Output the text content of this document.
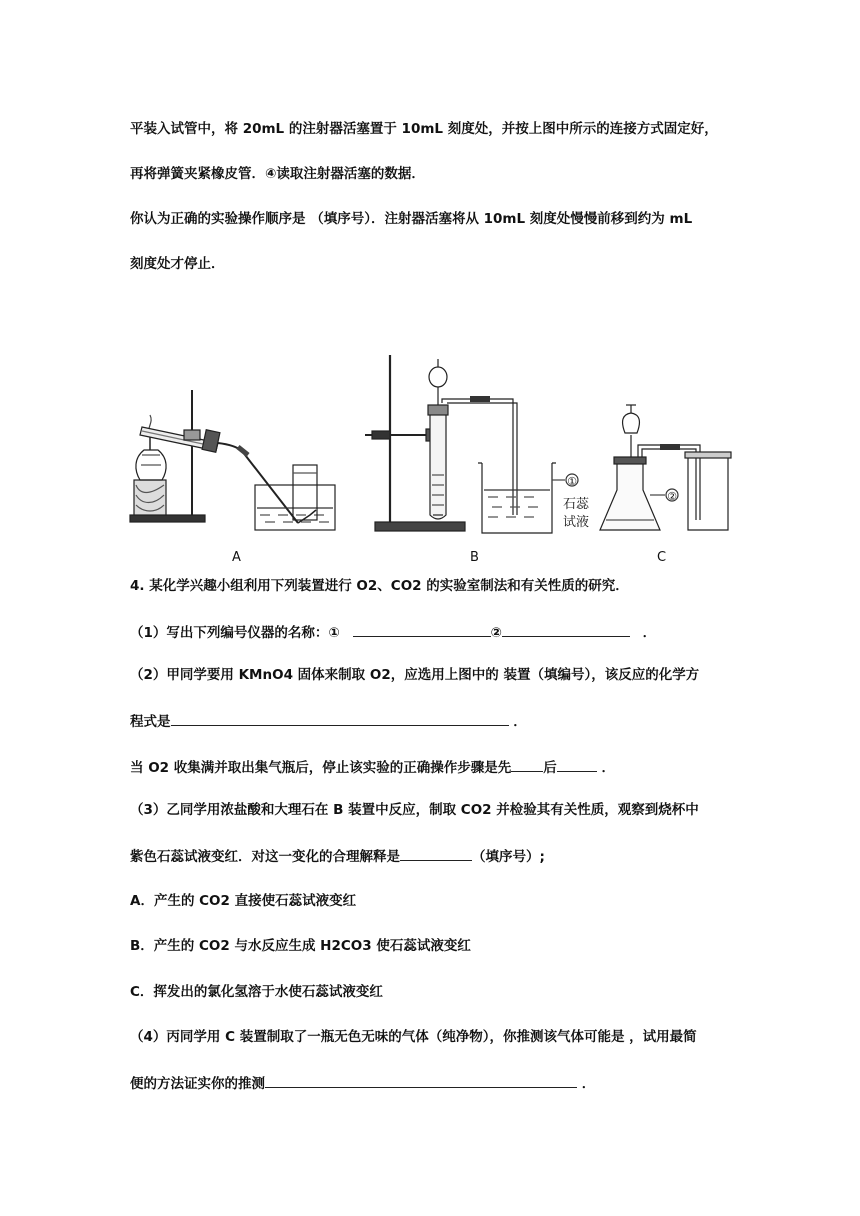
平装入试管中，将 20mL 的注射器活塞置于 10mL 刻度处，并按上图中所示的连接方式固定好，
再将弹簧夹紧橡皮管．④读取注射器活塞的数据．
你认为正确的实验操作顺序是 （填序号）．注射器活塞将从 10mL 刻度处慢慢前移到约为 mL
刻度处才停止．
①
②
石蕊
试液
A	B	C
4. 某化学兴趣小组利用下列装置进行 O2、CO2 的实验室制法和有关性质的研究．
（1）写出下列编号仪器的名称：①	②	．
（2）甲同学要用 KMnO4 固体来制取 O2，应选用上图中的 装置（填编号），该反应的化学方
程式是	．
当 O2 收集满并取出集气瓶后，停止该实验的正确操作步骤是先 后	．
（3）乙同学用浓盐酸和大理石在 B 装置中反应，制取 CO2 并检验其有关性质，观察到烧杯中
紫色石蕊试液变红．对这一变化的合理解释是	（填序号）;
A．产生的 CO2 直接使石蕊试液变红
B．产生的 CO2 与水反应生成 H2CO3 使石蕊试液变红
C．挥发出的氯化氢溶于水使石蕊试液变红
（4）丙同学用 C 装置制取了一瓶无色无味的气体（纯净物），你推测该气体可能是 ，试用最简
便的方法证实你的推测	．
